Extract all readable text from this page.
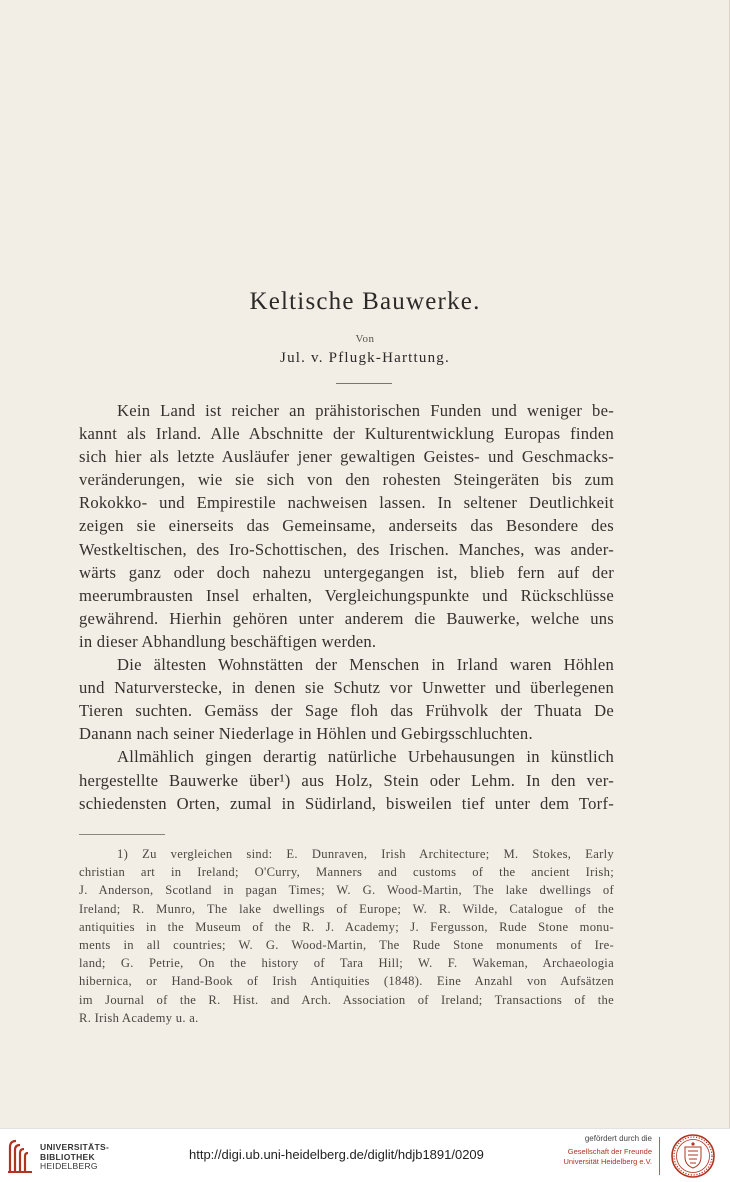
Keltische Bauwerke.
Von
Jul. v. Pflugk-Harttung.
Kein Land ist reicher an prähistorischen Funden und weniger be-
kannt als Irland. Alle Abschnitte der Kulturentwicklung Europas finden
sich hier als letzte Ausläufer jener gewaltigen Geistes- und Geschmacks-
veränderungen, wie sie sich von den rohesten Steingeräten bis zum
Rokokko- und Empirestile nachweisen lassen. In seltener Deutlichkeit
zeigen sie einerseits das Gemeinsame, anderseits das Besondere des
Westkeltischen, des Iro-Schottischen, des Irischen. Manches, was ander-
wärts ganz oder doch nahezu untergegangen ist, blieb fern auf der
meerumbrausten Insel erhalten, Vergleichungspunkte und Rückschlüsse
gewährend. Hierhin gehören unter anderem die Bauwerke, welche uns
in dieser Abhandlung beschäftigen werden.
Die ältesten Wohnstätten der Menschen in Irland waren Höhlen
und Naturverstecke, in denen sie Schutz vor Unwetter und überlegenen
Tieren suchten. Gemäss der Sage floh das Frühvolk der Thuata De
Danann nach seiner Niederlage in Höhlen und Gebirgsschluchten.
Allmählich gingen derartig natürliche Urbehausungen in künstlich
hergestellte Bauwerke über¹) aus Holz, Stein oder Lehm. In den ver-
schiedensten Orten, zumal in Südirland, bisweilen tief unter dem Torf-
1) Zu vergleichen sind: E. Dunraven, Irish Architecture; M. Stokes, Early
christian art in Ireland; O'Curry, Manners and customs of the ancient Irish;
J. Anderson, Scotland in pagan Times; W. G. Wood-Martin, The lake dwellings of
Ireland; R. Munro, The lake dwellings of Europe; W. R. Wilde, Catalogue of the
antiquities in the Museum of the R. J. Academy; J. Fergusson, Rude Stone monu-
ments in all countries; W. G. Wood-Martin, The Rude Stone monuments of Ire-
land; G. Petrie, On the history of Tara Hill; W. F. Wakeman, Archaeologia
hibernica, or Hand-Book of Irish Antiquities (1848). Eine Anzahl von Aufsätzen
im Journal of the R. Hist. and Arch. Association of Ireland; Transactions of the
R. Irish Academy u. a.
UNIVERSITÄTS-
BIBLIOTHEK
HEIDELBERG
http://digi.ub.uni-heidelberg.de/diglit/hdjb1891/0209
gefördert durch die
Gesellschaft der Freunde
Universität Heidelberg e.V.
